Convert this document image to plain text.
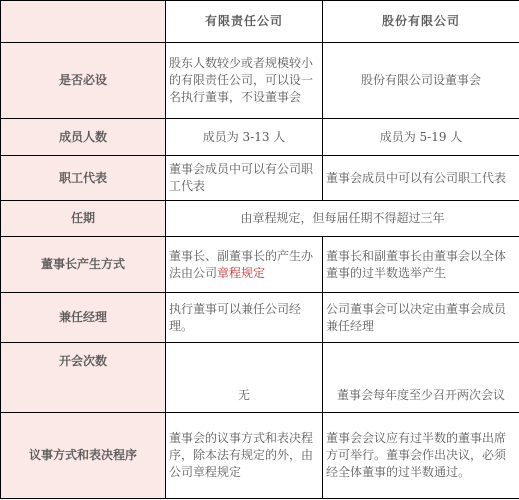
	有限责任公司	股份有限公司
是否必设	股东人数较少或者规模较小的有限责任公司，可以设一名执行董事，不设董事会	股份有限公司设董事会
成员人数	成员为 3-13 人	成员为 5-19 人
职工代表	董事会成员中可以有公司职工代表	董事会成员中可以有公司职工代表
任期	由章程规定，但每届任期不得超过三年	
董事长产生方式	董事长、副董事长的产生办法由公司章程规定	董事长和副董事长由董事会以全体董事的过半数选举产生
兼任经理	执行董事可以兼任公司经理。	公司董事会可以决定由董事会成员兼任经理
开会次数	无	董事会每年度至少召开两次会议
议事方式和表决程序	董事会的议事方式和表决程序，除本法有规定的外，由公司章程规定	董事会会议应有过半数的董事出席方可举行。董事会作出决议，必须经全体董事的过半数通过。
